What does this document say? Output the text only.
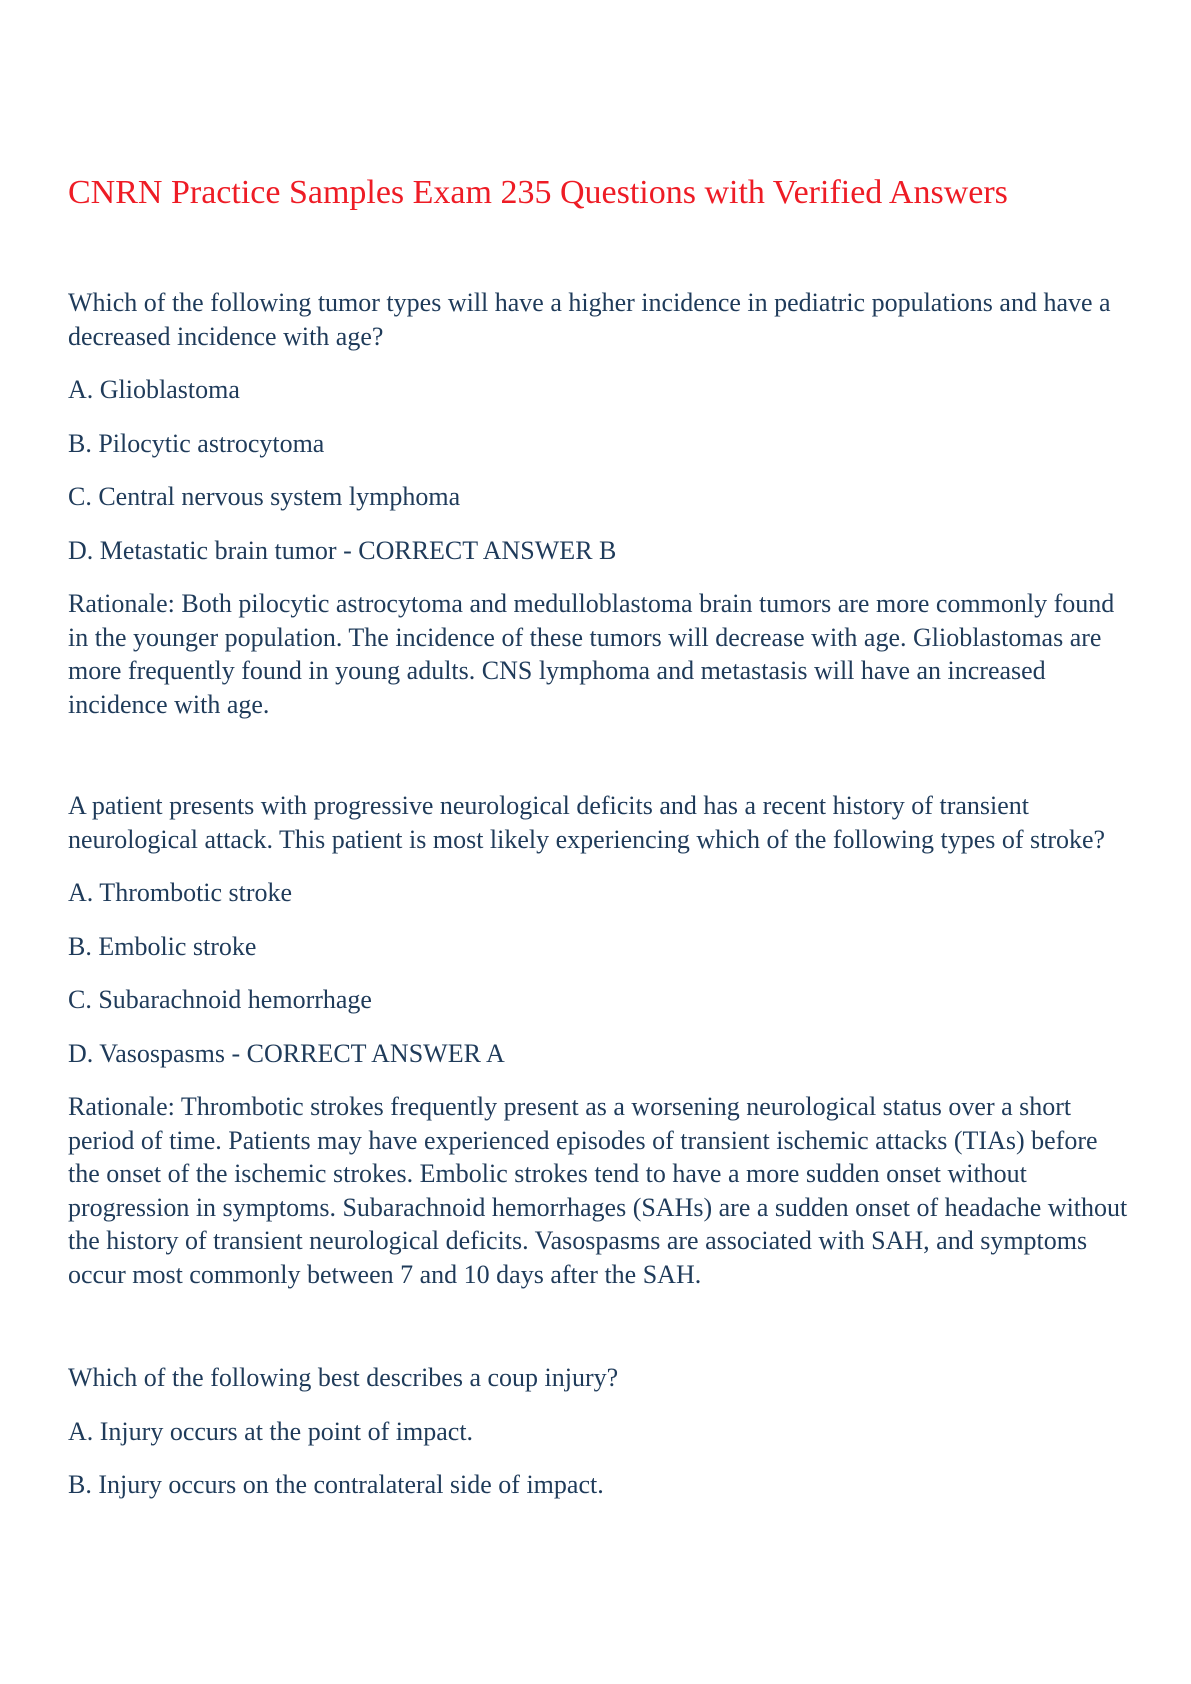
CNRN Practice Samples Exam 235 Questions with Verified Answers

Which of the following tumor types will have a higher incidence in pediatric populations and have a decreased incidence with age?

A. Glioblastoma

B. Pilocytic astrocytoma

C. Central nervous system lymphoma

D. Metastatic brain tumor - CORRECT ANSWER B

Rationale: Both pilocytic astrocytoma and medulloblastoma brain tumors are more commonly found in the younger population. The incidence of these tumors will decrease with age. Glioblastomas are more frequently found in young adults. CNS lymphoma and metastasis will have an increased incidence with age.

A patient presents with progressive neurological deficits and has a recent history of transient neurological attack. This patient is most likely experiencing which of the following types of stroke?

A. Thrombotic stroke

B. Embolic stroke

C. Subarachnoid hemorrhage

D. Vasospasms - CORRECT ANSWER A

Rationale: Thrombotic strokes frequently present as a worsening neurological status over a short period of time. Patients may have experienced episodes of transient ischemic attacks (TIAs) before the onset of the ischemic strokes. Embolic strokes tend to have a more sudden onset without progression in symptoms. Subarachnoid hemorrhages (SAHs) are a sudden onset of headache without the history of transient neurological deficits. Vasospasms are associated with SAH, and symptoms occur most commonly between 7 and 10 days after the SAH.

Which of the following best describes a coup injury?

A. Injury occurs at the point of impact.

B. Injury occurs on the contralateral side of impact.
